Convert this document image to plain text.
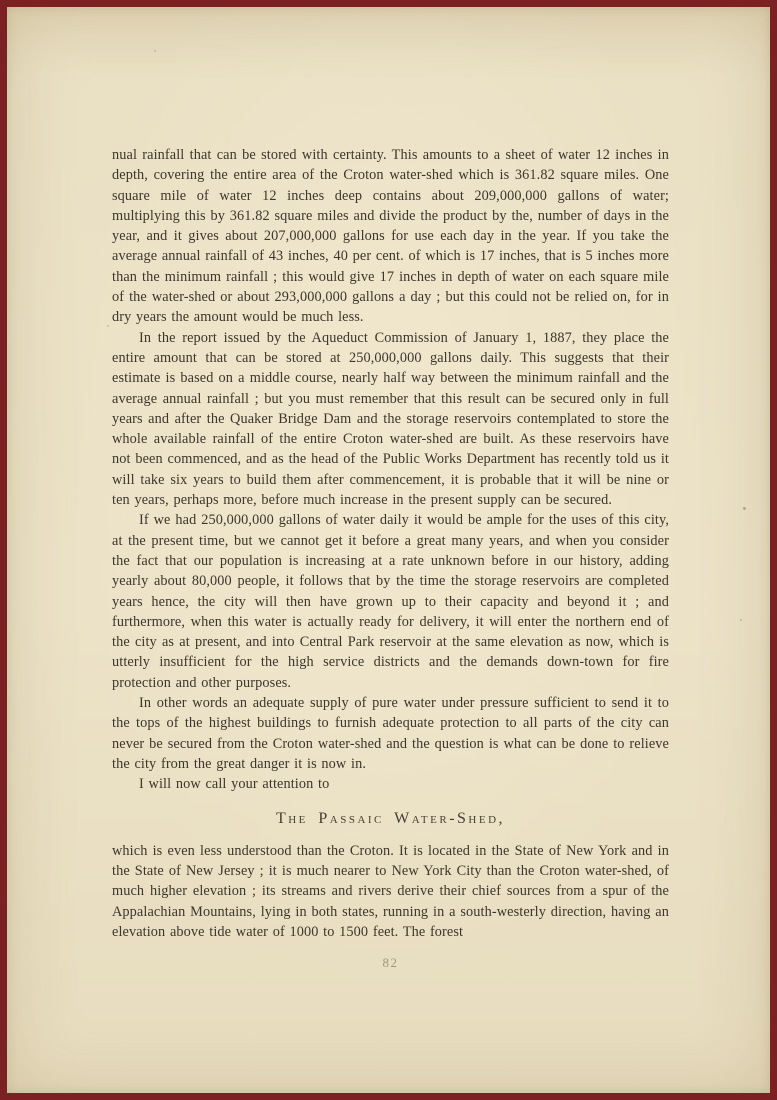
nual rainfall that can be stored with certainty. This amounts to a sheet of water 12 inches in depth, covering the entire area of the Croton water-shed which is 361.82 square miles. One square mile of water 12 inches deep contains about 209,000,000 gallons of water; multiplying this by 361.82 square miles and divide the product by the, number of days in the year, and it gives about 207,000,000 gallons for use each day in the year. If you take the average annual rainfall of 43 inches, 40 per cent. of which is 17 inches, that is 5 inches more than the minimum rainfall ; this would give 17 inches in depth of water on each square mile of the water-shed or about 293,000,000 gallons a day ; but this could not be relied on, for in dry years the amount would be much less.

In the report issued by the Aqueduct Commission of January 1, 1887, they place the entire amount that can be stored at 250,000,000 gallons daily. This suggests that their estimate is based on a middle course, nearly half way between the minimum rainfall and the average annual rainfall ; but you must remember that this result can be secured only in full years and after the Quaker Bridge Dam and the storage reservoirs contemplated to store the whole available rainfall of the entire Croton water-shed are built. As these reservoirs have not been commenced, and as the head of the Public Works Department has recently told us it will take six years to build them after commencement, it is probable that it will be nine or ten years, perhaps more, before much increase in the present supply can be secured.

If we had 250,000,000 gallons of water daily it would be ample for the uses of this city, at the present time, but we cannot get it before a great many years, and when you consider the fact that our population is increasing at a rate unknown before in our history, adding yearly about 80,000 people, it follows that by the time the storage reservoirs are completed years hence, the city will then have grown up to their capacity and beyond it ; and furthermore, when this water is actually ready for delivery, it will enter the northern end of the city as at present, and into Central Park reservoir at the same elevation as now, which is utterly insufficient for the high service districts and the demands down-town for fire protection and other purposes.

In other words an adequate supply of pure water under pressure sufficient to send it to the tops of the highest buildings to furnish adequate protection to all parts of the city can never be secured from the Croton water-shed and the question is what can be done to relieve the city from the great danger it is now in.

I will now call your attention to

The Passaic Water-Shed,

which is even less understood than the Croton. It is located in the State of New York and in the State of New Jersey ; it is much nearer to New York City than the Croton water-shed, of much higher elevation ; its streams and rivers derive their chief sources from a spur of the Appalachian Mountains, lying in both states, running in a south-westerly direction, having an elevation above tide water of 1000 to 1500 feet. The forest

82
